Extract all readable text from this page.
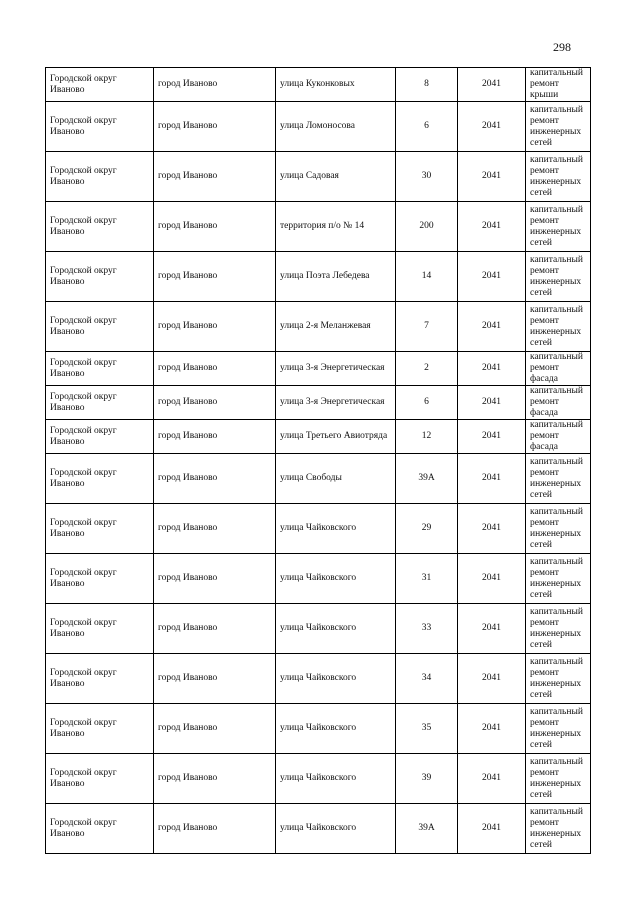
298
Городской округ Иваново	город Иваново	улица Куконковых	8	2041	капитальный ремонт крыши
Городской округ Иваново	город Иваново	улица Ломоносова	6	2041	капитальный ремонт инженерных сетей
Городской округ Иваново	город Иваново	улица Садовая	30	2041	капитальный ремонт инженерных сетей
Городской округ Иваново	город Иваново	территория п/о № 14	200	2041	капитальный ремонт инженерных сетей
Городской округ Иваново	город Иваново	улица Поэта Лебедева	14	2041	капитальный ремонт инженерных сетей
Городской округ Иваново	город Иваново	улица 2-я Меланжевая	7	2041	капитальный ремонт инженерных сетей
Городской округ Иваново	город Иваново	улица 3-я Энергетическая	2	2041	капитальный ремонт фасада
Городской округ Иваново	город Иваново	улица 3-я Энергетическая	6	2041	капитальный ремонт фасада
Городской округ Иваново	город Иваново	улица Третьего Авиотряда	12	2041	капитальный ремонт фасада
Городской округ Иваново	город Иваново	улица Свободы	39А	2041	капитальный ремонт инженерных сетей
Городской округ Иваново	город Иваново	улица Чайковского	29	2041	капитальный ремонт инженерных сетей
Городской округ Иваново	город Иваново	улица Чайковского	31	2041	капитальный ремонт инженерных сетей
Городской округ Иваново	город Иваново	улица Чайковского	33	2041	капитальный ремонт инженерных сетей
Городской округ Иваново	город Иваново	улица Чайковского	34	2041	капитальный ремонт инженерных сетей
Городской округ Иваново	город Иваново	улица Чайковского	35	2041	капитальный ремонт инженерных сетей
Городской округ Иваново	город Иваново	улица Чайковского	39	2041	капитальный ремонт инженерных сетей
Городской округ Иваново	город Иваново	улица Чайковского	39А	2041	капитальный ремонт инженерных сетей
